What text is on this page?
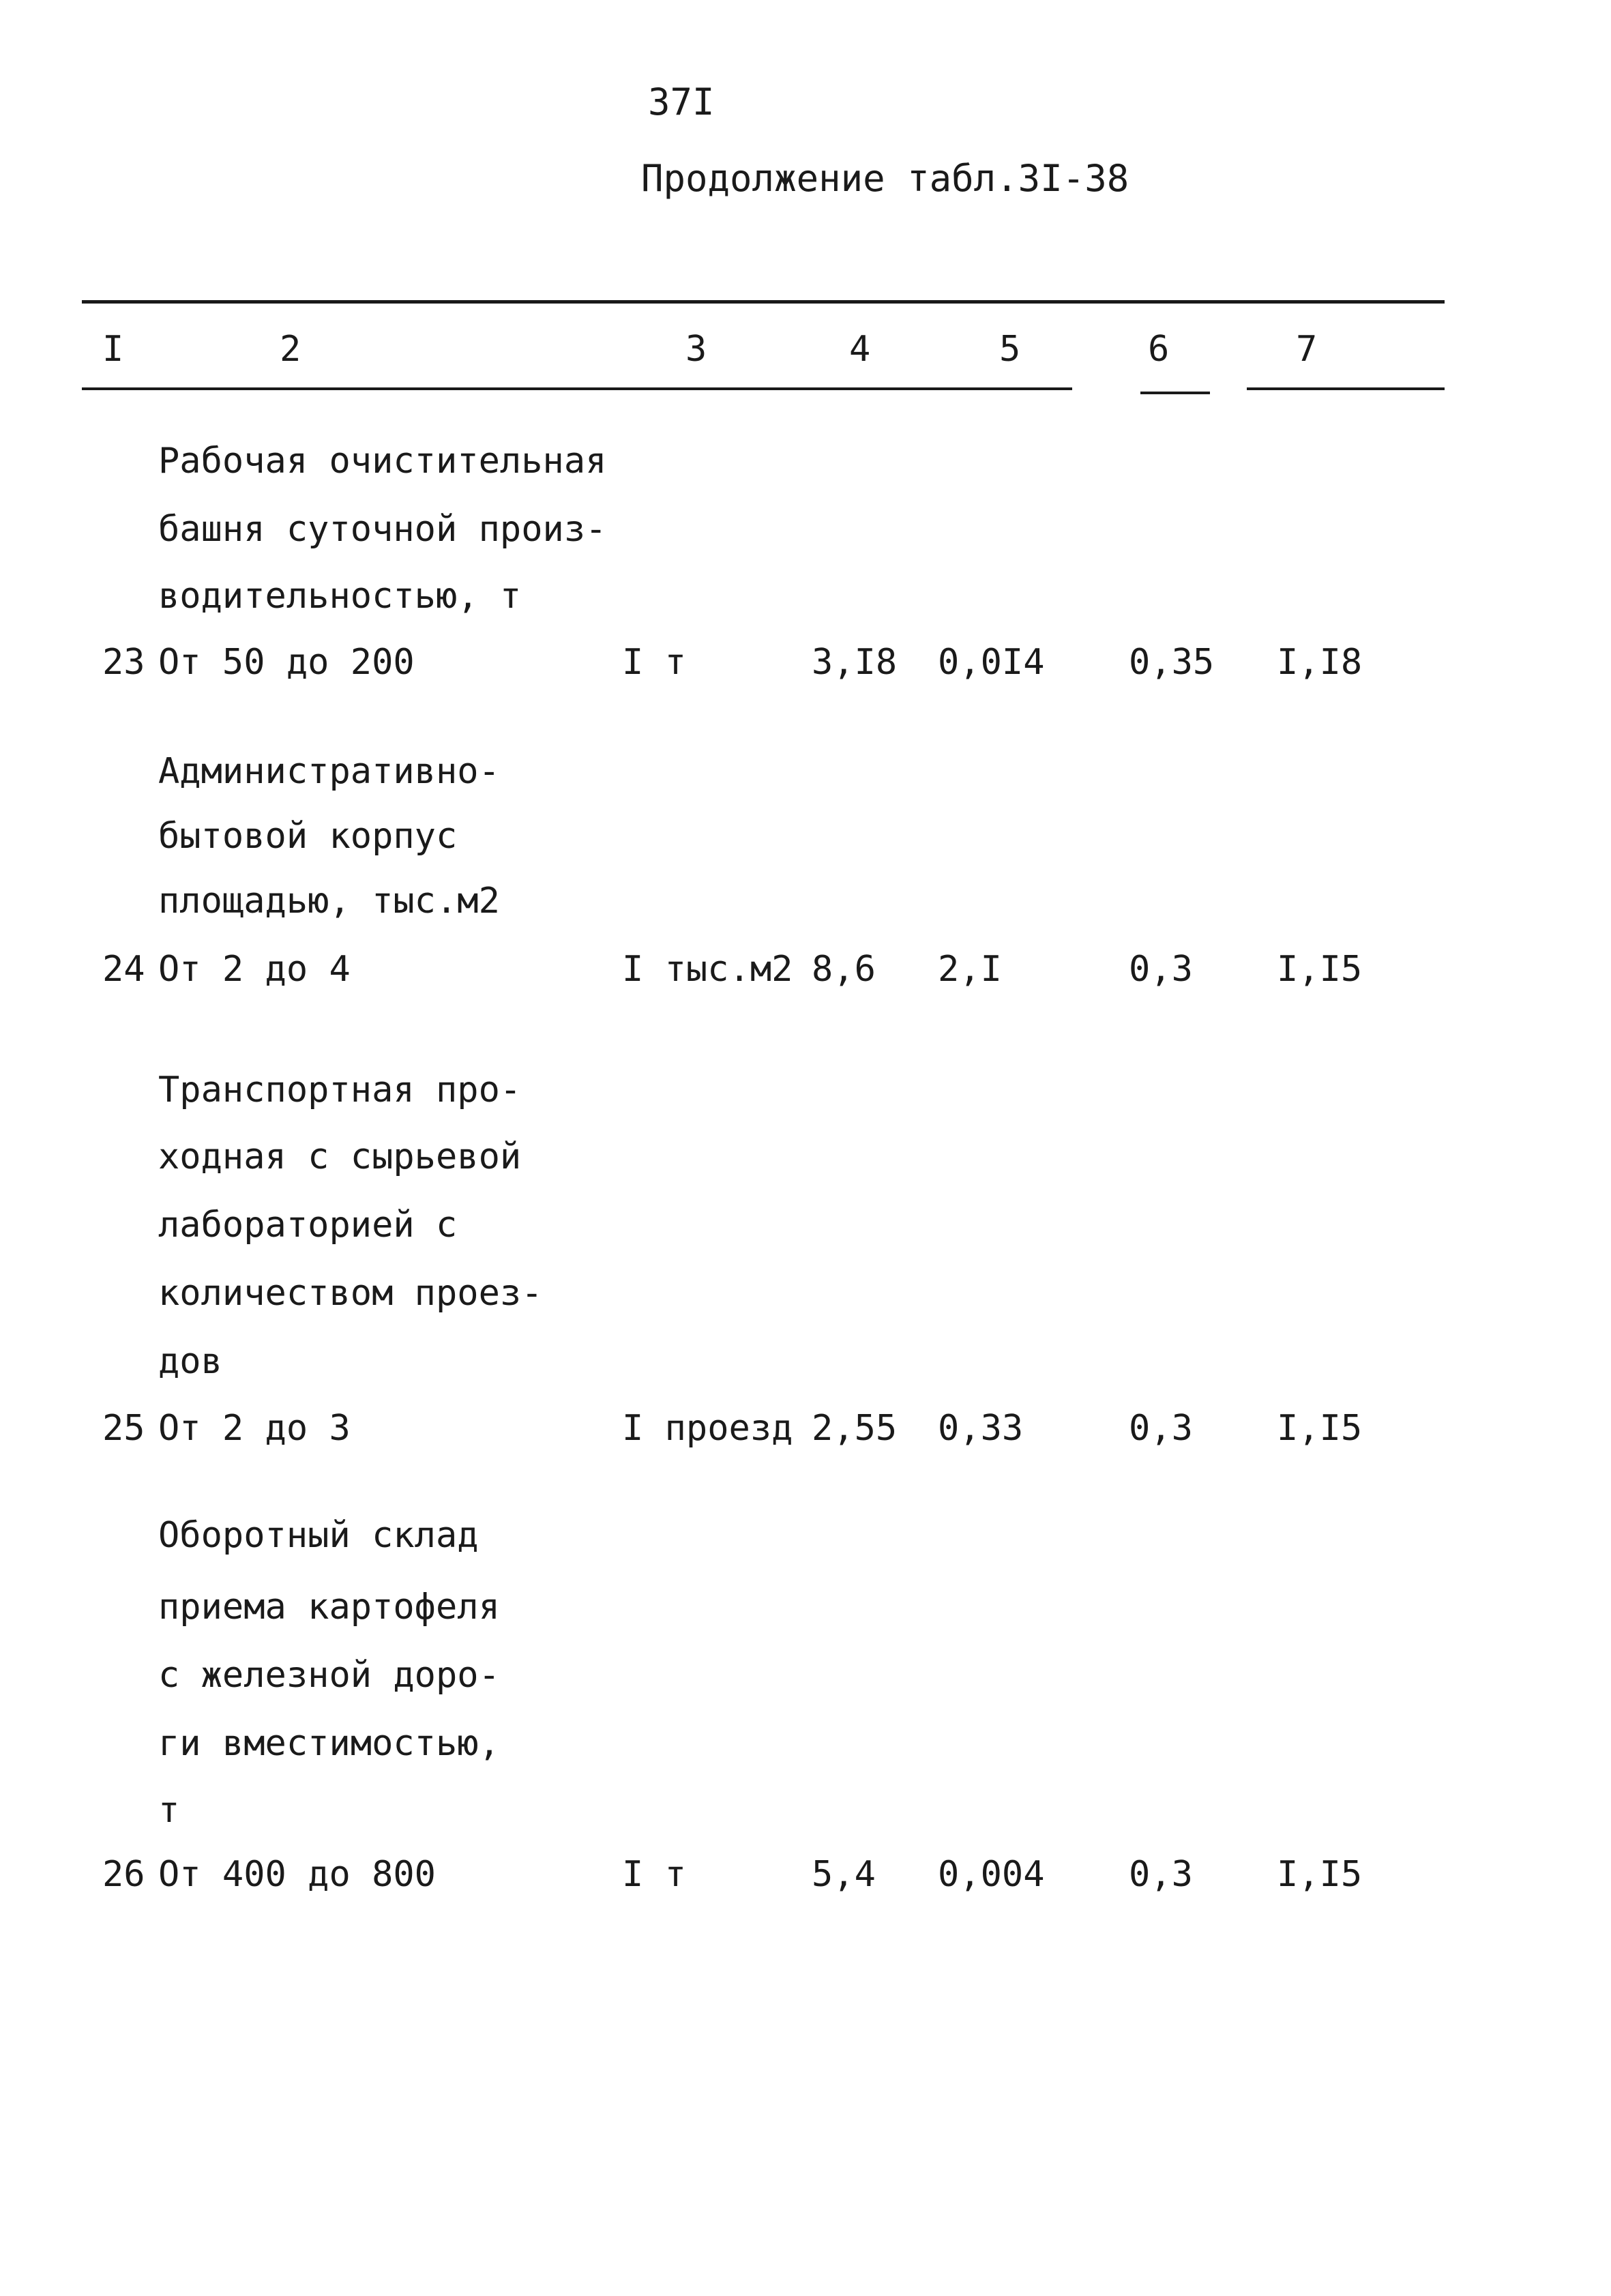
37I
Продолжение табл.3I-38
I	2	3	4	5	6	7
Рабочая очистительная
башня суточной произ-
водительностью, т
23 От 50 до 200	I т	3,I8 0,0I4 0,35 I,I8
Административно-
бытовой корпус
площадью, тыс.м2
24 От 2 до 4	I тыс.м2 8,6 2,I	0,3 I,I5
Транспортная про-
ходная с сырьевой
лабораторией с
количеством проез-
дов
25 От 2 до 3	I проезд 2,55 0,33	0,3 I,I5
Оборотный склад
приема картофеля
с железной доро-
ги вместимостью,
т
26 От 400 до 800	I т	5,4 0,004 0,3 I,I5
